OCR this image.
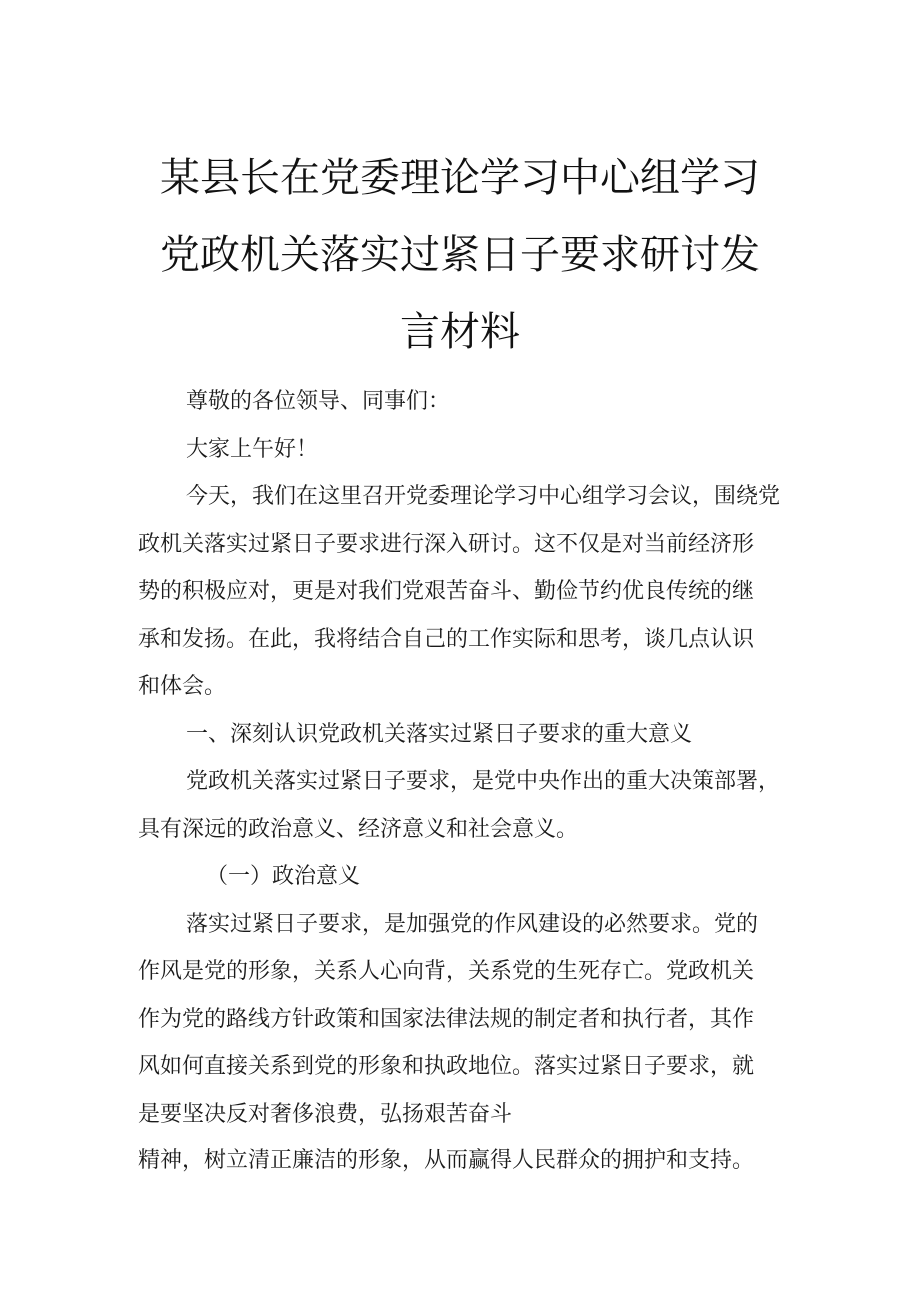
某县长在党委理论学习中心组学习
党政机关落实过紧日子要求研讨发
言材料

尊敬的各位领导、同事们：

大家上午好！

今天，我们在这里召开党委理论学习中心组学习会议，围绕党

政机关落实过紧日子要求进行深入研讨。这不仅是对当前经济形

势的积极应对，更是对我们党艰苦奋斗、勤俭节约优良传统的继

承和发扬。在此，我将结合自己的工作实际和思考，谈几点认识

和体会。

一、深刻认识党政机关落实过紧日子要求的重大意义

党政机关落实过紧日子要求，是党中央作出的重大决策部署，

具有深远的政治意义、经济意义和社会意义。

（一）政治意义

落实过紧日子要求，是加强党的作风建设的必然要求。党的

作风是党的形象，关系人心向背，关系党的生死存亡。党政机关

作为党的路线方针政策和国家法律法规的制定者和执行者，其作

风如何直接关系到党的形象和执政地位。落实过紧日子要求，就

是要坚决反对奢侈浪费，弘扬艰苦奋斗

精神，树立清正廉洁的形象，从而赢得人民群众的拥护和支持。
